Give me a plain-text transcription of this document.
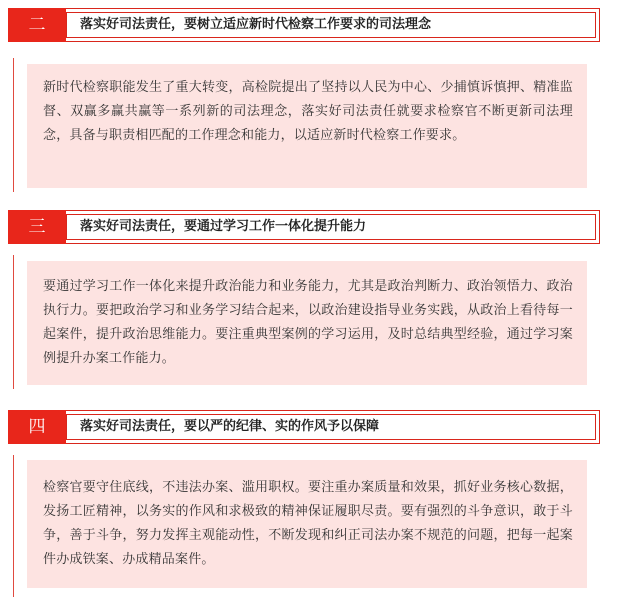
二	落实好司法责任，要树立适应新时代检察工作要求的司法理念

新时代检察职能发生了重大转变，高检院提出了坚持以人民为中心、少捕慎诉慎押、精准监督、双赢多赢共赢等一系列新的司法理念，落实好司法责任就要求检察官不断更新司法理念，具备与职责相匹配的工作理念和能力，以适应新时代检察工作要求。

三	落实好司法责任，要通过学习工作一体化提升能力

要通过学习工作一体化来提升政治能力和业务能力，尤其是政治判断力、政治领悟力、政治执行力。要把政治学习和业务学习结合起来，以政治建设指导业务实践，从政治上看待每一起案件，提升政治思维能力。要注重典型案例的学习运用，及时总结典型经验，通过学习案例提升办案工作能力。

四	落实好司法责任，要以严的纪律、实的作风予以保障

检察官要守住底线，不违法办案、滥用职权。要注重办案质量和效果，抓好业务核心数据，发扬工匠精神，以务实的作风和求极致的精神保证履职尽责。要有强烈的斗争意识，敢于斗争，善于斗争，努力发挥主观能动性，不断发现和纠正司法办案不规范的问题，把每一起案件办成铁案、办成精品案件。
